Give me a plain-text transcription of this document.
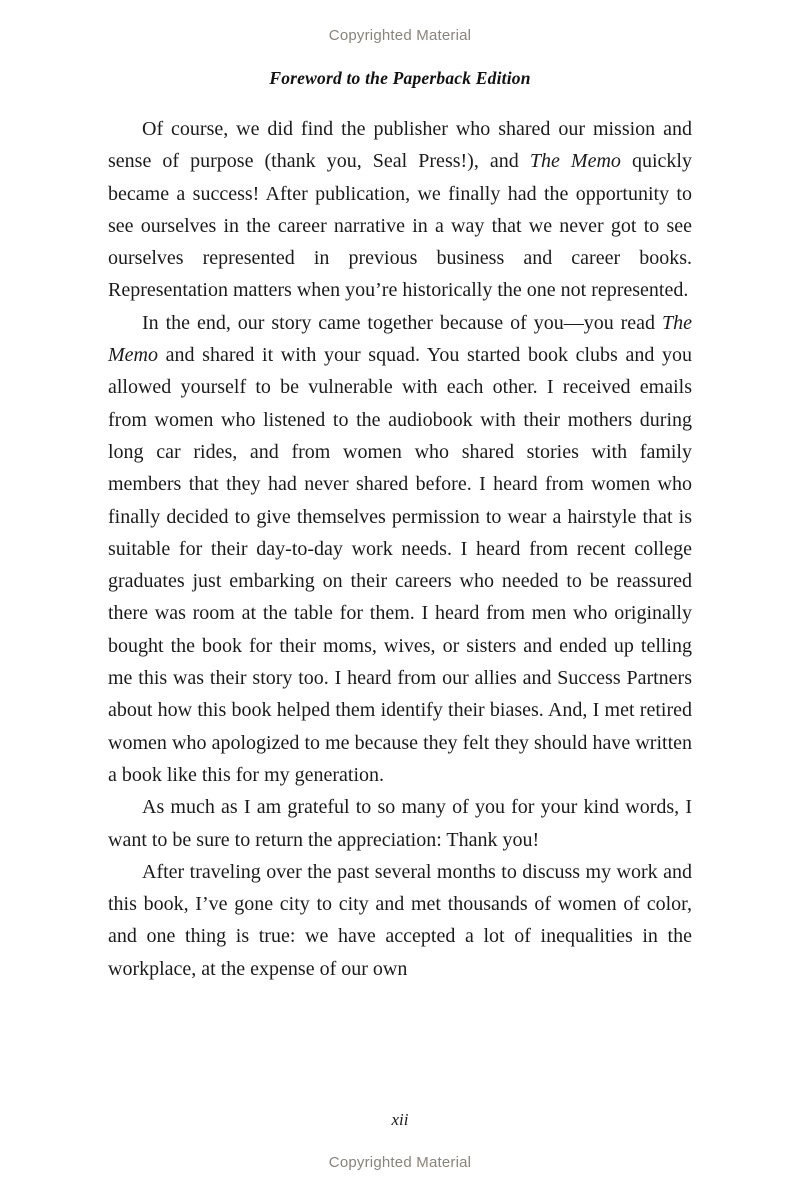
Copyrighted Material
Foreword to the Paperback Edition

Of course, we did find the publisher who shared our mission and sense of purpose (thank you, Seal Press!), and The Memo quickly became a success! After publication, we finally had the opportunity to see ourselves in the career narrative in a way that we never got to see ourselves represented in previous business and career books. Representation matters when you’re historically the one not represented.

In the end, our story came together because of you—you read The Memo and shared it with your squad. You started book clubs and you allowed yourself to be vulnerable with each other. I received emails from women who listened to the audiobook with their mothers during long car rides, and from women who shared stories with family members that they had never shared before. I heard from women who finally decided to give themselves permission to wear a hairstyle that is suitable for their day-to-day work needs. I heard from recent college graduates just embarking on their careers who needed to be reassured there was room at the table for them. I heard from men who originally bought the book for their moms, wives, or sisters and ended up telling me this was their story too. I heard from our allies and Success Partners about how this book helped them identify their biases. And, I met retired women who apologized to me because they felt they should have written a book like this for my generation.

As much as I am grateful to so many of you for your kind words, I want to be sure to return the appreciation: Thank you!

After traveling over the past several months to discuss my work and this book, I’ve gone city to city and met thousands of women of color, and one thing is true: we have accepted a lot of inequalities in the workplace, at the expense of our own

xii
Copyrighted Material
